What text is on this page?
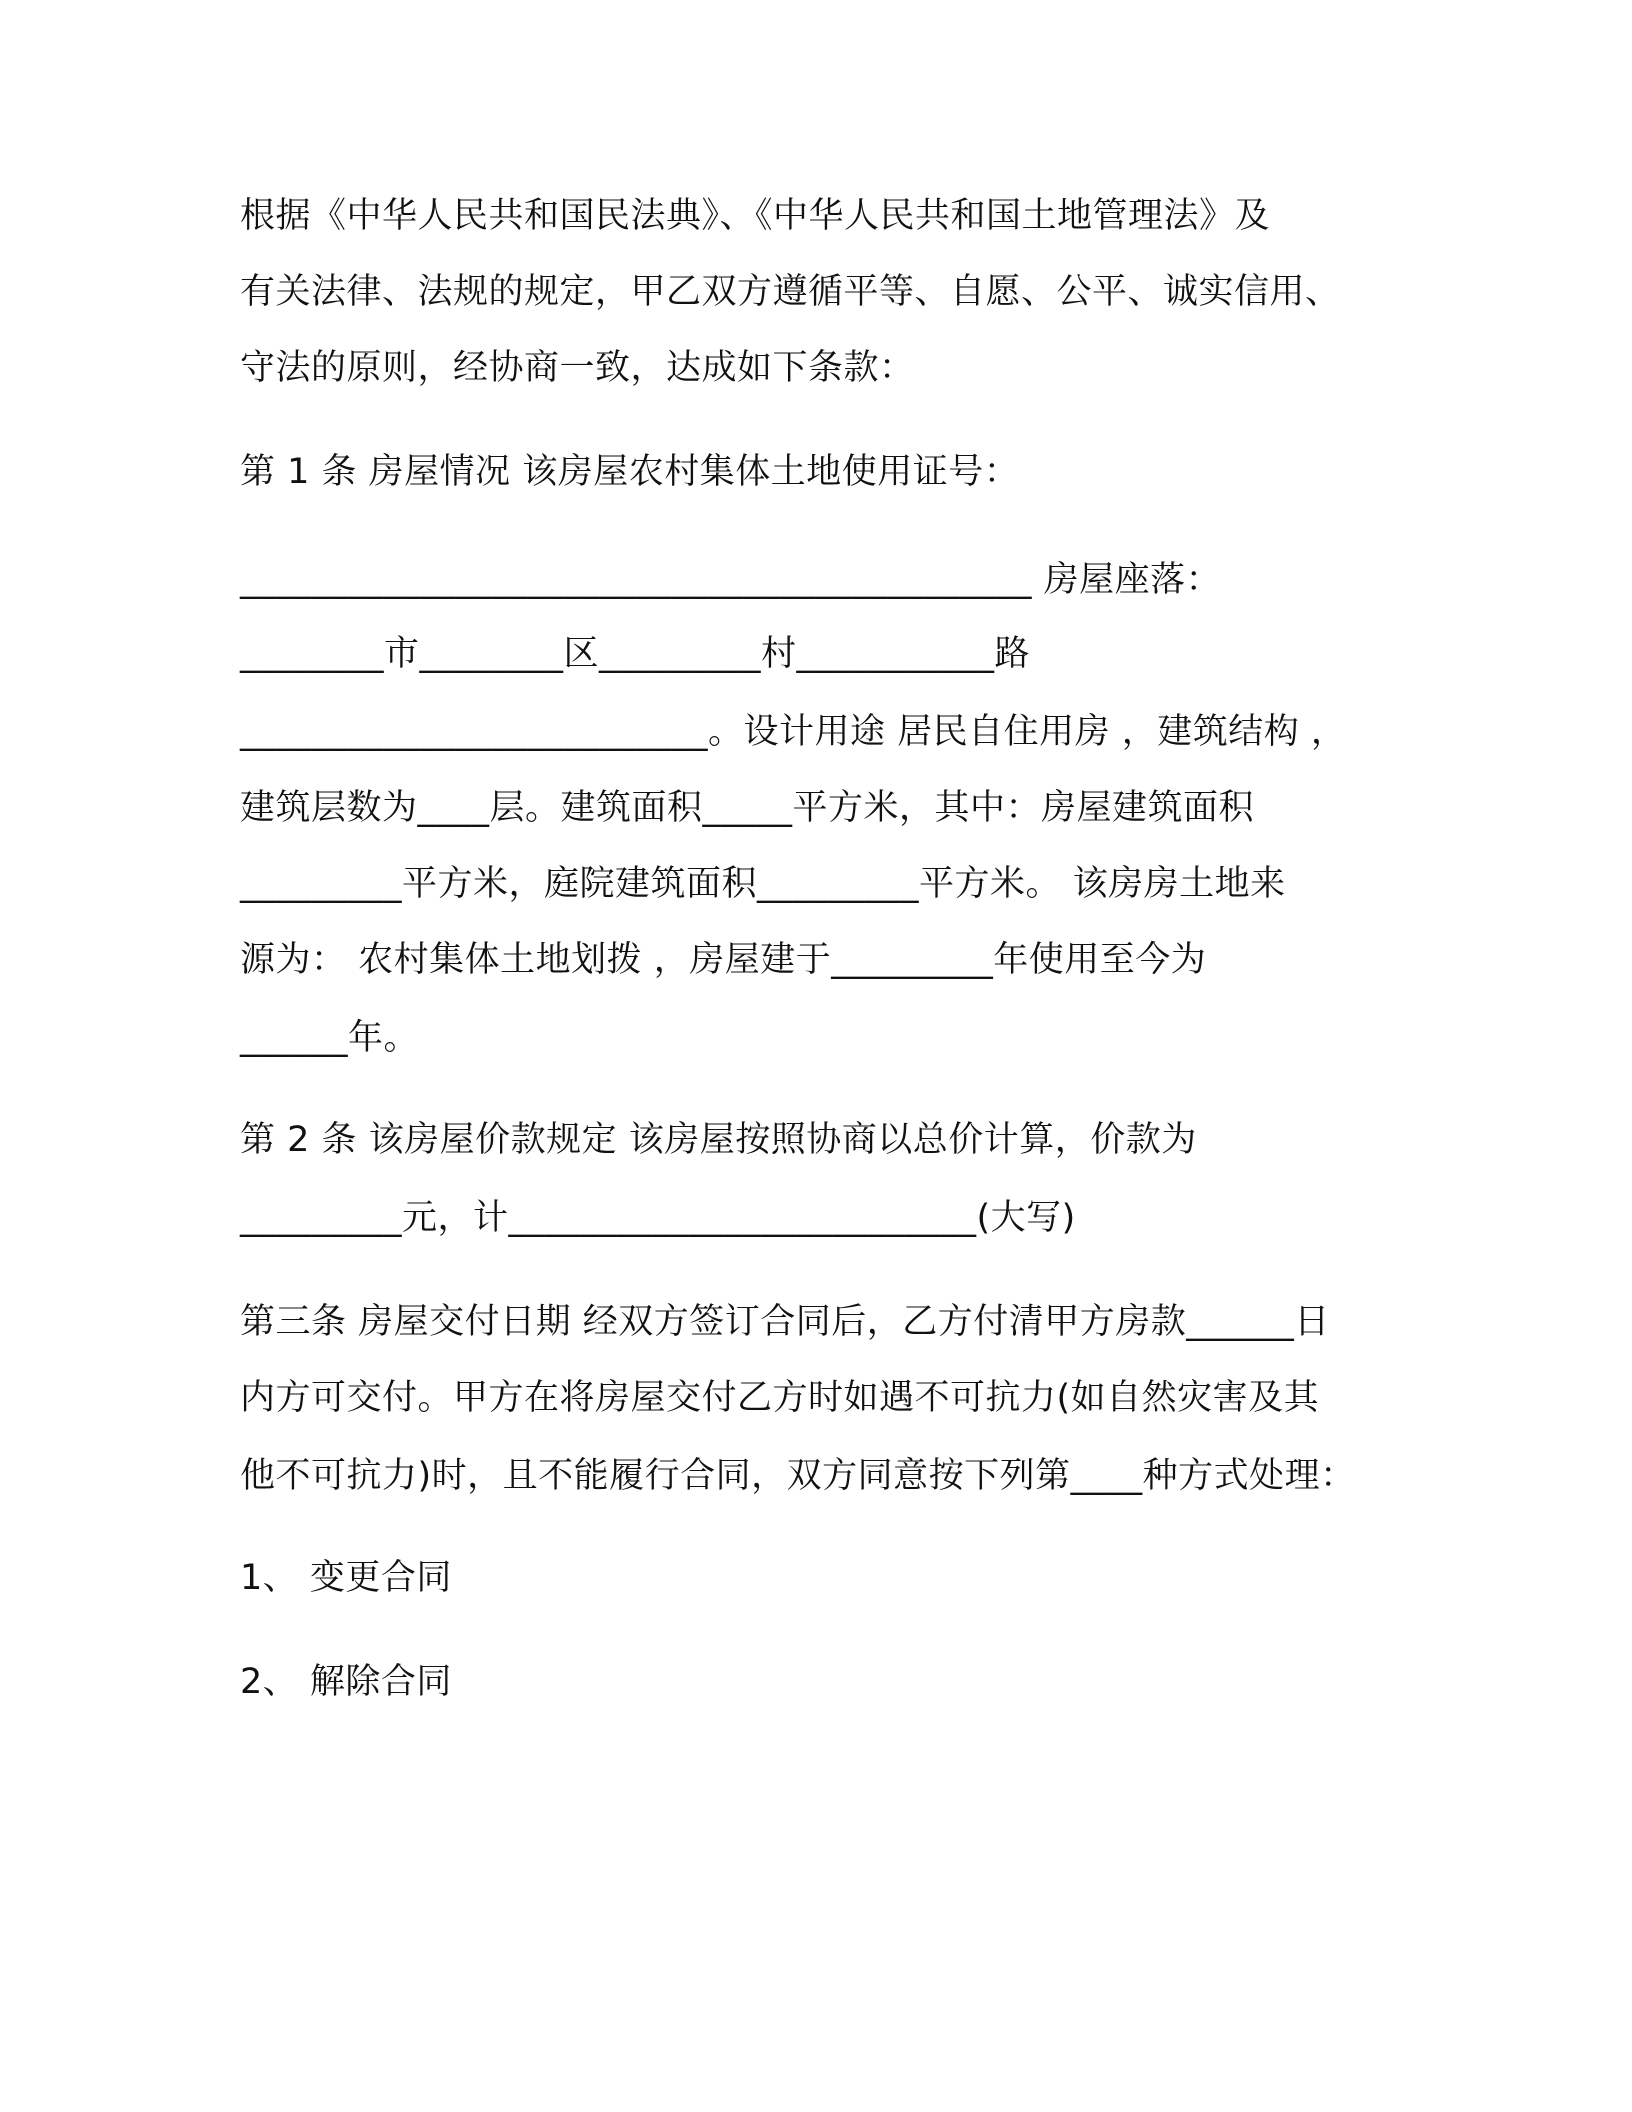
根据《中华人民共和国民法典》、《中华人民共和国土地管理法》及
有关法律、法规的规定，甲乙双方遵循平等、自愿、公平、诚实信用、
守法的原则，经协商一致，达成如下条款：
第 1 条 房屋情况 该房屋农村集体土地使用证号：
____________________________________________ 房屋座落：
________市________区_________村___________路
__________________________。设计用途 居民自住用房 ，建筑结构 ，
建筑层数为____层。建筑面积_____平方米，其中：房屋建筑面积
_________平方米，庭院建筑面积_________平方米。 该房房土地来
源为： 农村集体土地划拨 ，房屋建于_________年使用至今为
______年。
第 2 条 该房屋价款规定 该房屋按照协商以总价计算，价款为
_________元，计__________________________(大写)
第三条 房屋交付日期 经双方签订合同后，乙方付清甲方房款______日
内方可交付。甲方在将房屋交付乙方时如遇不可抗力(如自然灾害及其
他不可抗力)时，且不能履行合同，双方同意按下列第____种方式处理：
1、 变更合同
2、 解除合同
